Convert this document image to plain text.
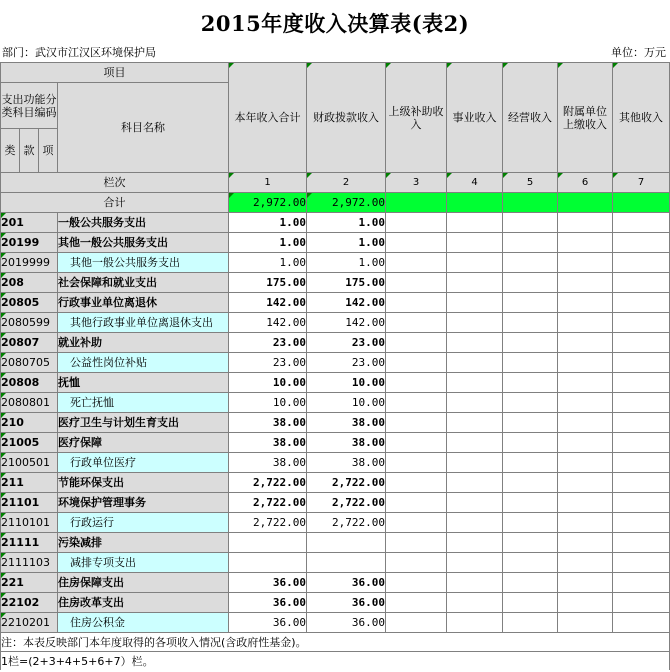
2015年度收入决算表(表2)
部门：武汉市江汉区环境保护局	单位：万元
项目				本年收入合计	财政拨款收入	上级补助收入	事业收入	经营收入	附属单位上缴收入	其他收入
支出功能分类科目编码			科目名称							
类	款	项								
栏次				1	2	3	4	5	6	7
合计				2,972.00	2,972.00					
201			一般公共服务支出	1.00	1.00					
20199			其他一般公共服务支出	1.00	1.00					
2019999			其他一般公共服务支出	1.00	1.00					
208			社会保障和就业支出	175.00	175.00					
20805			行政事业单位离退休	142.00	142.00					
2080599			其他行政事业单位离退休支出	142.00	142.00					
20807			就业补助	23.00	23.00					
2080705			公益性岗位补贴	23.00	23.00					
20808			抚恤	10.00	10.00					
2080801			死亡抚恤	10.00	10.00					
210			医疗卫生与计划生育支出	38.00	38.00					
21005			医疗保障	38.00	38.00					
2100501			行政单位医疗	38.00	38.00					
211			节能环保支出	2,722.00	2,722.00					
21101			环境保护管理事务	2,722.00	2,722.00					
2110101			行政运行	2,722.00	2,722.00					
21111			污染减排							
2111103			减排专项支出							
221			住房保障支出	36.00	36.00					
22102			住房改革支出	36.00	36.00					
2210201			住房公积金	36.00	36.00					
注：本表反映部门本年度取得的各项收入情况(含政府性基金)。										
1栏=(2+3+4+5+6+7）栏。										
